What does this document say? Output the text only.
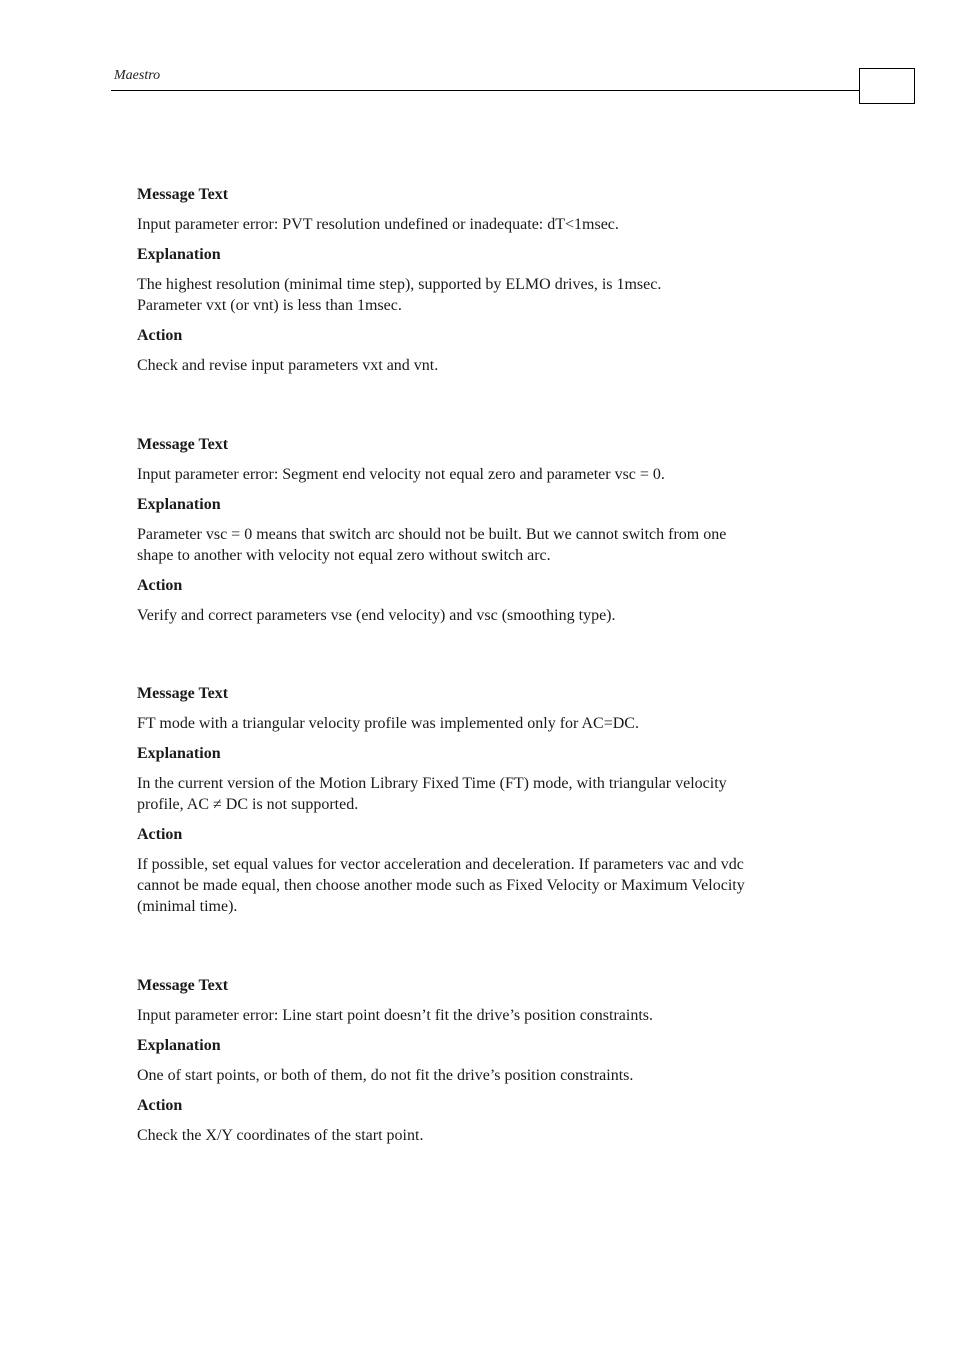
Maestro

Message Text

Input parameter error: PVT resolution undefined or inadequate: dT<1msec.

Explanation

The highest resolution (minimal time step), supported by ELMO drives, is 1msec.

Parameter vxt (or vnt) is less than 1msec.

Action

Check and revise input parameters vxt and vnt.

Message Text

Input parameter error: Segment end velocity not equal zero and parameter vsc = 0.

Explanation

Parameter vsc = 0 means that switch arc should not be built. But we cannot switch from one

shape to another with velocity not equal zero without switch arc.

Action

Verify and correct parameters vse (end velocity) and vsc (smoothing type).

Message Text

FT mode with a triangular velocity profile was implemented only for AC=DC.

Explanation

In the current version of the Motion Library Fixed Time (FT) mode, with triangular velocity

profile, AC ≠ DC is not supported.

Action

If possible, set equal values for vector acceleration and deceleration. If parameters vac and vdc

cannot be made equal, then choose another mode such as Fixed Velocity or Maximum Velocity

(minimal time).

Message Text

Input parameter error: Line start point doesn’t fit the drive’s position constraints.

Explanation

One of start points, or both of them, do not fit the drive’s position constraints.

Action

Check the X/Y coordinates of the start point.
